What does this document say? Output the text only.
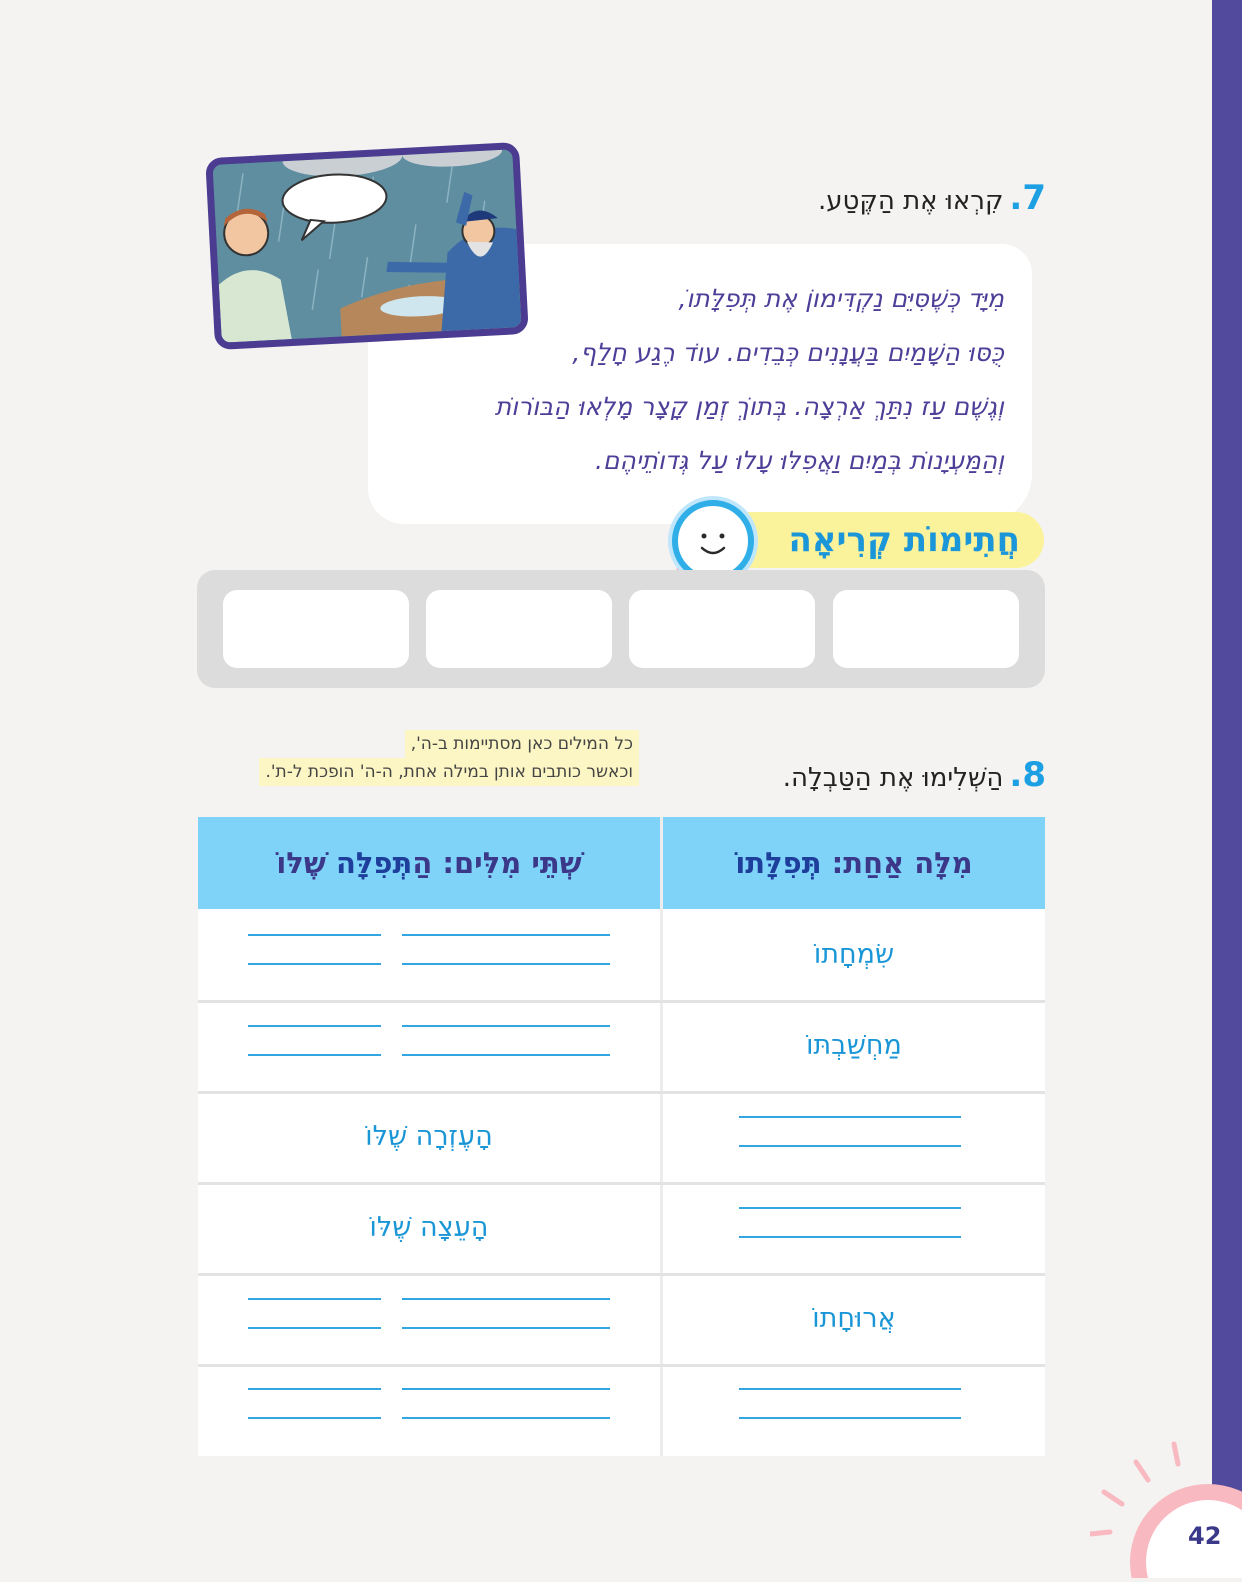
7.קִרְאוּ אֶת הַקֶּטַע.
מִיָּד כְּשֶׁסִּיֵּם נַקְדִּימוֹן אֶת תְּפִלָּתוֹ,
כֻּסּוּ הַשָּׁמַיִם בַּעֲנָנִים כְּבֵדִים. עוֹד רֶגַע חָלַף,
וְגֶשֶׁם עַז נִתַּךְ אַרְצָה. בְּתוֹךְ זְמַן קָצָר מָלְאוּ הַבּוֹרוֹת
וְהַמַּעְיָנוֹת בְּמַיִם וַאֲפִלּוּ עָלוּ עַל גְּדוֹתֵיהֶם.
חֲתִימוֹת קְרִיאָה
8.הַשְׁלִימוּ אֶת הַטַּבְלָה.
כל המילים כאן מסתיימות ב-ה',
וכאשר כותבים אותן במילה אחת, ה-ה' הופכת ל-ת'.
מִלָּה אַחַת: תְּפִלָּתוֹ
שְׁתֵּי מִלִּים: הַתְּפִלָּה שֶׁלּוֹ
שִׂמְחָתוֹ
מַחְשַׁבְתּוֹ
הָעֶזְרָה שֶׁלּוֹ
הָעֵצָה שֶׁלּוֹ
אֲרוּחָתוֹ
42
